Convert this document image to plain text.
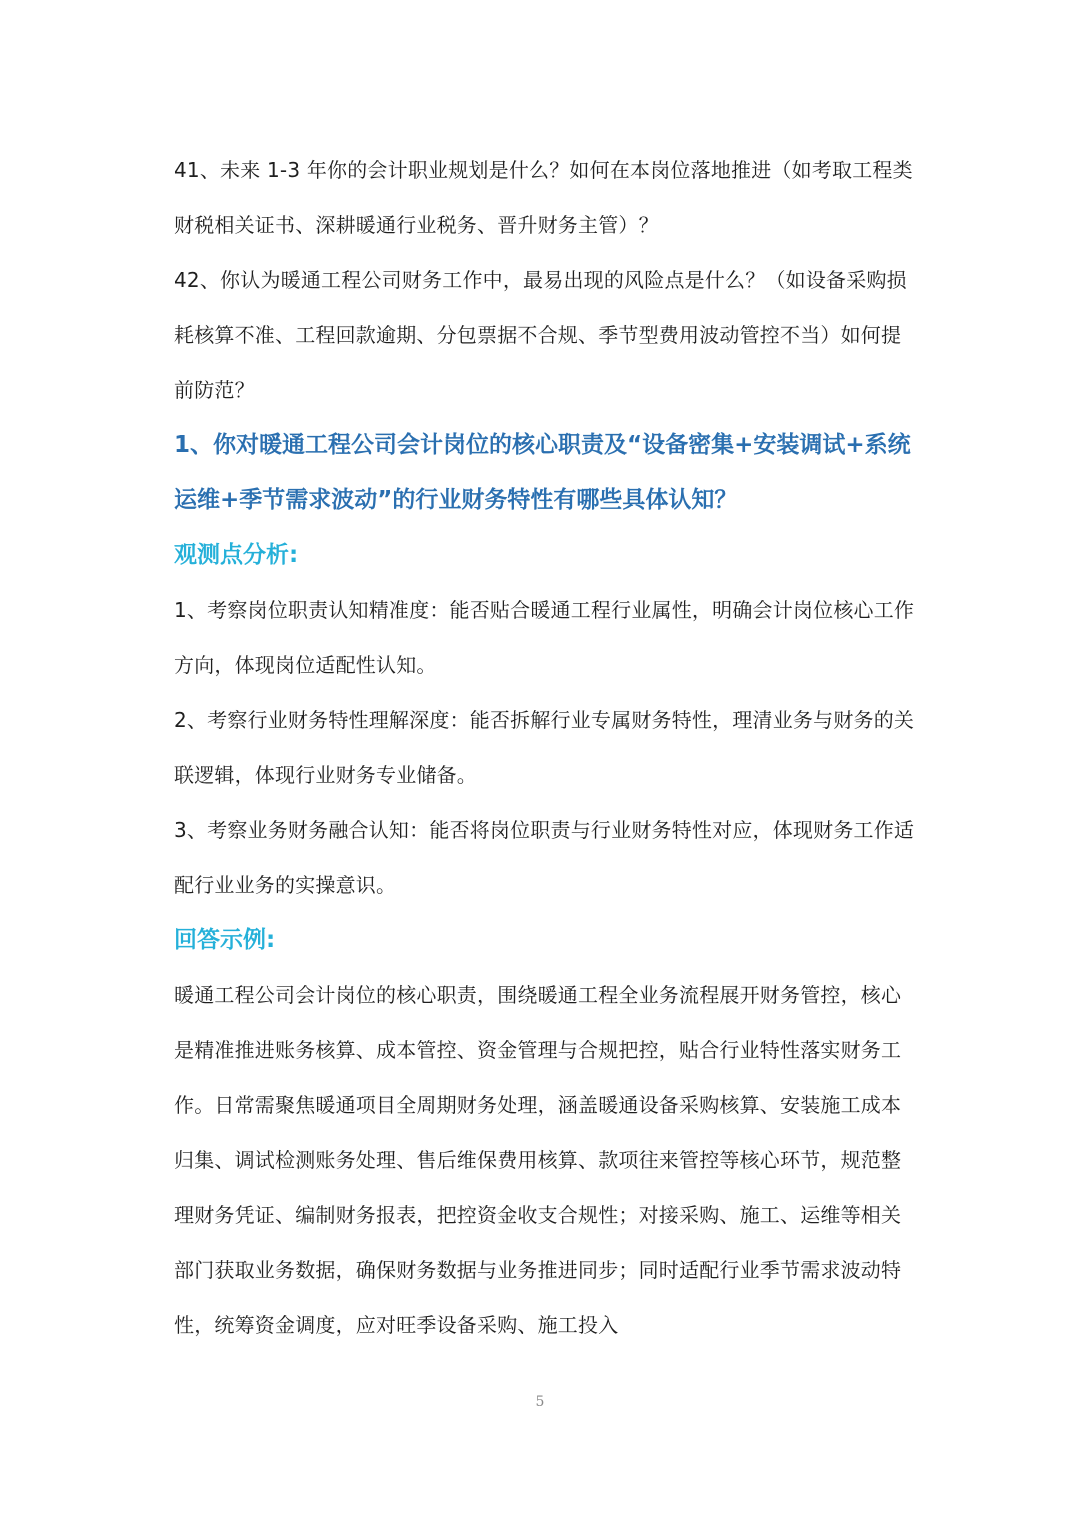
41、未来 1-3 年你的会计职业规划是什么？如何在本岗位落地推进（如考取工程类财税相关证书、深耕暖通行业税务、晋升财务主管）？

42、你认为暖通工程公司财务工作中，最易出现的风险点是什么？（如设备采购损耗核算不准、工程回款逾期、分包票据不合规、季节型费用波动管控不当）如何提前防范？

1、你对暖通工程公司会计岗位的核心职责及“设备密集+安装调试+系统运维+季节需求波动”的行业财务特性有哪些具体认知？

观测点分析:

1、考察岗位职责认知精准度：能否贴合暖通工程行业属性，明确会计岗位核心工作方向，体现岗位适配性认知。

2、考察行业财务特性理解深度：能否拆解行业专属财务特性，理清业务与财务的关联逻辑，体现行业财务专业储备。

3、考察业务财务融合认知：能否将岗位职责与行业财务特性对应，体现财务工作适配行业业务的实操意识。

回答示例:

暖通工程公司会计岗位的核心职责，围绕暖通工程全业务流程展开财务管控，核心是精准推进账务核算、成本管控、资金管理与合规把控，贴合行业特性落实财务工作。日常需聚焦暖通项目全周期财务处理，涵盖暖通设备采购核算、安装施工成本归集、调试检测账务处理、售后维保费用核算、款项往来管控等核心环节，规范整理财务凭证、编制财务报表，把控资金收支合规性；对接采购、施工、运维等相关部门获取业务数据，确保财务数据与业务推进同步；同时适配行业季节需求波动特性，统筹资金调度，应对旺季设备采购、施工投入

5
